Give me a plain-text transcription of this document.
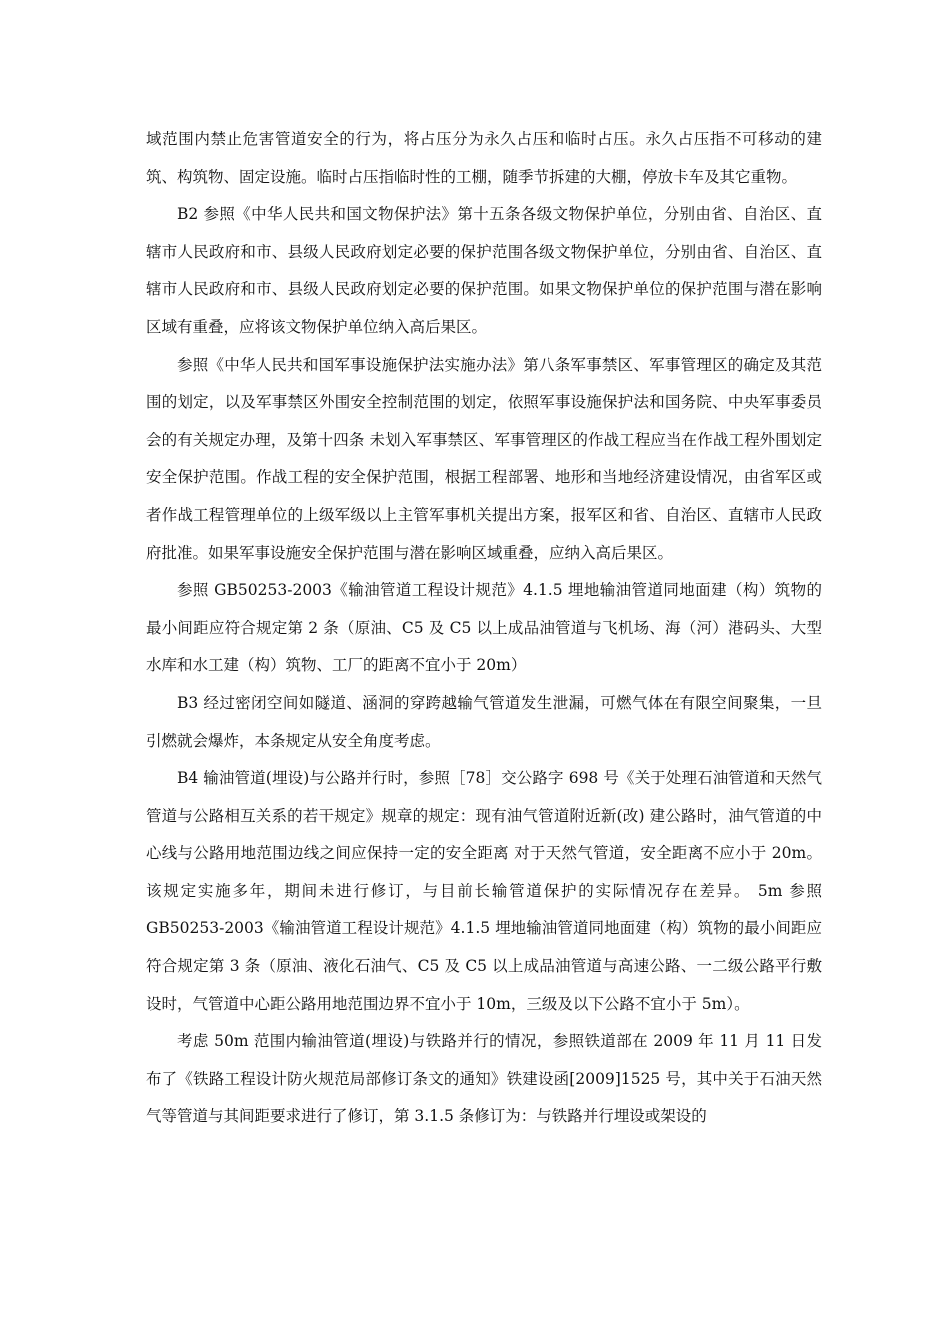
域范围内禁止危害管道安全的行为，将占压分为永久占压和临时占压。永久占压指不可移动的建筑、构筑物、固定设施。临时占压指临时性的工棚，随季节拆建的大棚，停放卡车及其它重物。

B2 参照《中华人民共和国文物保护法》第十五条各级文物保护单位，分别由省、自治区、直辖市人民政府和市、县级人民政府划定必要的保护范围各级文物保护单位，分别由省、自治区、直辖市人民政府和市、县级人民政府划定必要的保护范围。如果文物保护单位的保护范围与潜在影响区域有重叠，应将该文物保护单位纳入高后果区。

参照《中华人民共和国军事设施保护法实施办法》第八条军事禁区、军事管理区的确定及其范围的划定，以及军事禁区外围安全控制范围的划定，依照军事设施保护法和国务院、中央军事委员会的有关规定办理，及第十四条 未划入军事禁区、军事管理区的作战工程应当在作战工程外围划定安全保护范围。作战工程的安全保护范围，根据工程部署、地形和当地经济建设情况，由省军区或者作战工程管理单位的上级军级以上主管军事机关提出方案，报军区和省、自治区、直辖市人民政府批准。如果军事设施安全保护范围与潜在影响区域重叠，应纳入高后果区。

参照 GB50253-2003《输油管道工程设计规范》4.1.5 埋地输油管道同地面建（构）筑物的最小间距应符合规定第 2 条（原油、C5 及 C5 以上成品油管道与飞机场、海（河）港码头、大型水库和水工建（构）筑物、工厂的距离不宜小于 20m）

B3 经过密闭空间如隧道、涵洞的穿跨越输气管道发生泄漏，可燃气体在有限空间聚集，一旦引燃就会爆炸，本条规定从安全角度考虑。

B4 输油管道(埋设)与公路并行时，参照［78］交公路字 698 号《关于处理石油管道和天然气管道与公路相互关系的若干规定》规章的规定：现有油气管道附近新(改) 建公路时，油气管道的中心线与公路用地范围边线之间应保持一定的安全距离 对于天然气管道，安全距离不应小于 20m。该规定实施多年，期间未进行修订，与目前长输管道保护的实际情况存在差异。 5m 参照 GB50253-2003《输油管道工程设计规范》4.1.5 埋地输油管道同地面建（构）筑物的最小间距应符合规定第 3 条（原油、液化石油气、C5 及 C5 以上成品油管道与高速公路、一二级公路平行敷设时，气管道中心距公路用地范围边界不宜小于 10m，三级及以下公路不宜小于 5m）。

考虑 50m 范围内输油管道(埋设)与铁路并行的情况，参照铁道部在 2009 年 11 月 11 日发布了《铁路工程设计防火规范局部修订条文的通知》铁建设函[2009]1525 号，其中关于石油天然气等管道与其间距要求进行了修订，第 3.1.5 条修订为：与铁路并行埋设或架设的
